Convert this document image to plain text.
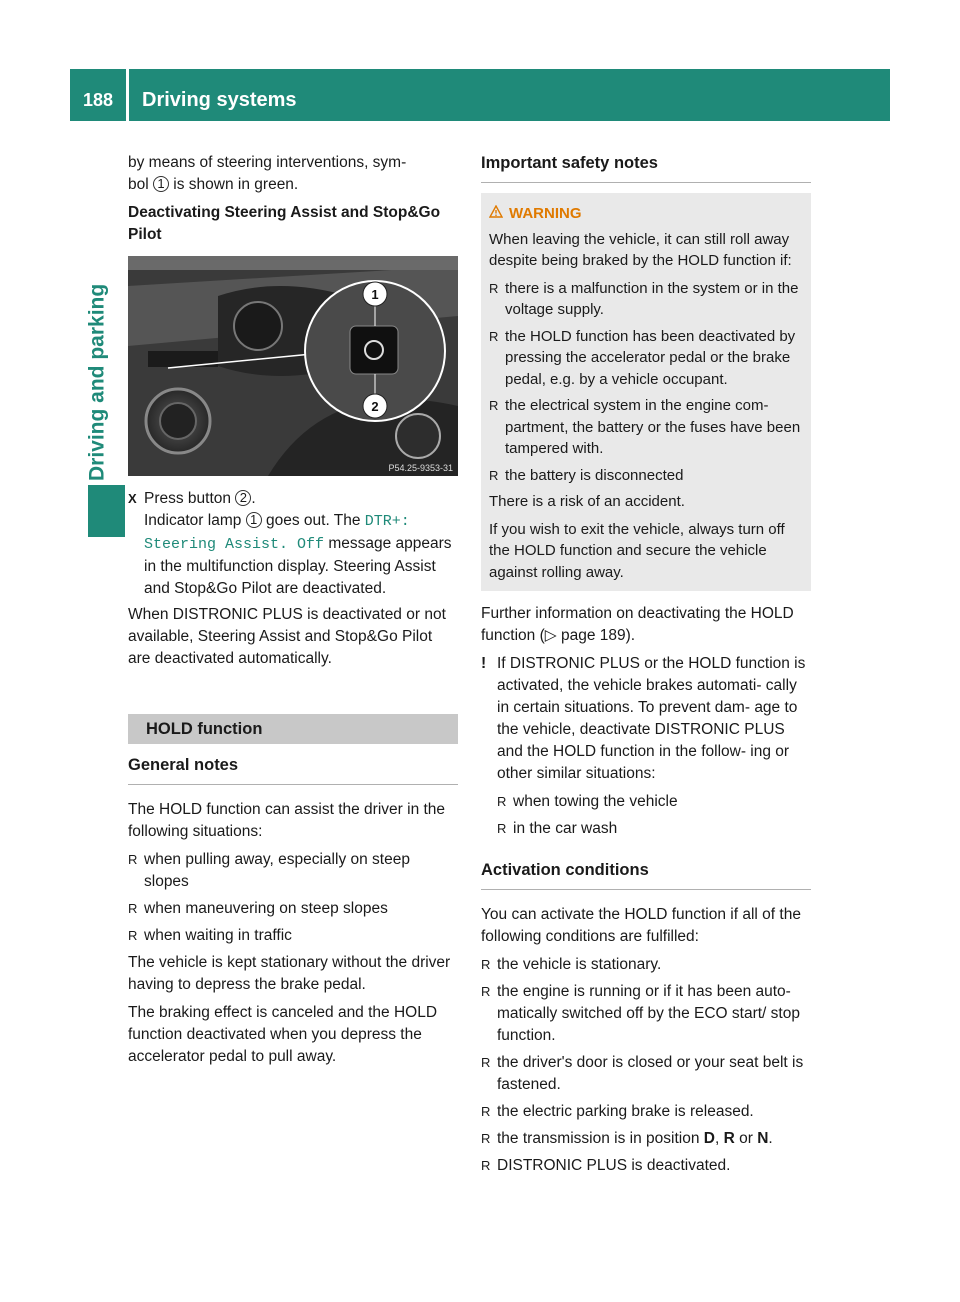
188	Driving systems
Driving and parking

by means of steering interventions, sym-
bol 1 is shown in green.

Deactivating Steering Assist and Stop&Go Pilot

1
2
P54.25-9353-31

X Press button 2 .
Indicator lamp 1 goes out. The DTR+: Steering Assist. Off message appears in the multifunction display. Steering Assist and Stop&Go Pilot are deactivated.

When DISTRONIC PLUS is deactivated or not available, Steering Assist and Stop&Go Pilot are deactivated automatically.

HOLD function

General notes

The HOLD function can assist the driver in the following situations:

R when pulling away, especially on steep slopes

R when maneuvering on steep slopes

R when waiting in traffic

The vehicle is kept stationary without the driver having to depress the brake pedal.

The braking effect is canceled and the HOLD function deactivated when you depress the accelerator pedal to pull away.

Important safety notes

WARNING

When leaving the vehicle, it can still roll away despite being braked by the HOLD function if:

R there is a malfunction in the system or in the voltage supply.

R the HOLD function has been deactivated by pressing the accelerator pedal or the brake pedal, e.g. by a vehicle occupant.

R the electrical system in the engine com- partment, the battery or the fuses have been tampered with.

R the battery is disconnected

There is a risk of an accident.

If you wish to exit the vehicle, always turn off the HOLD function and secure the vehicle against rolling away.

Further information on deactivating the HOLD function (▷ page 189).

! If DISTRONIC PLUS or the HOLD function is activated, the vehicle brakes automati- cally in certain situations. To prevent dam- age to the vehicle, deactivate DISTRONIC PLUS and the HOLD function in the follow- ing or other similar situations:

R when towing the vehicle

R in the car wash

Activation conditions

You can activate the HOLD function if all of the following conditions are fulfilled:

R the vehicle is stationary.

R the engine is running or if it has been auto- matically switched off by the ECO start/ stop function.

R the driver's door is closed or your seat belt is fastened.

R the electric parking brake is released.

R the transmission is in position D, R or N.

R DISTRONIC PLUS is deactivated.
